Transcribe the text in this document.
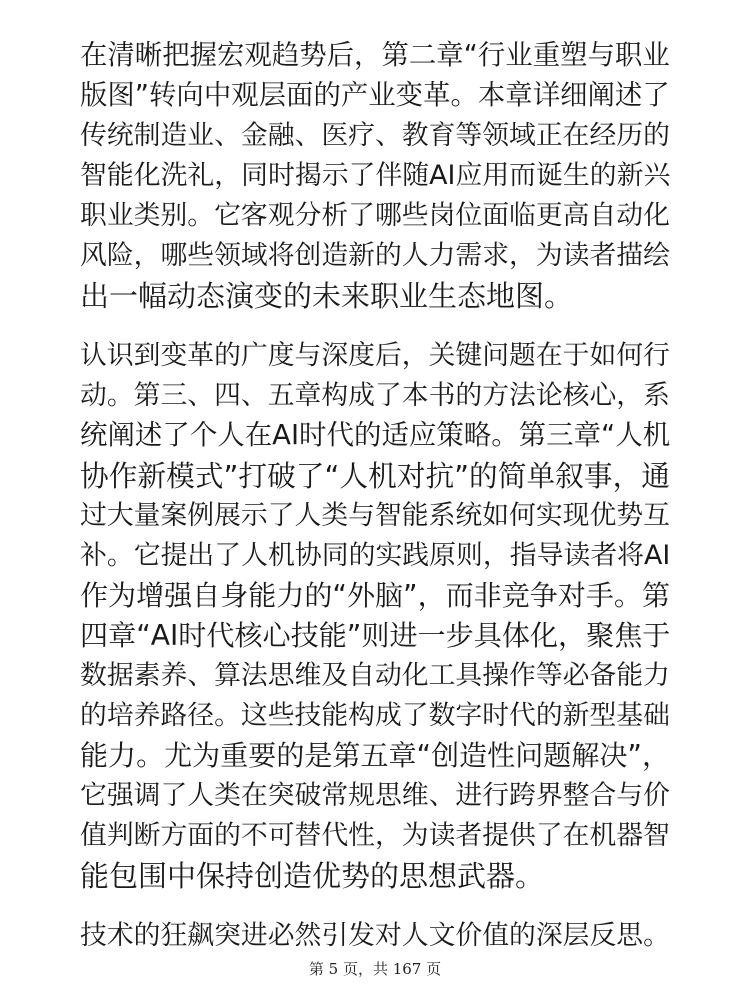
在清晰把握宏观趋势后，第二章“行业重塑与职业
版图”转向中观层面的产业变革。本章详细阐述了
传统制造业、金融、医疗、教育等领域正在经历的
智能化洗礼，同时揭示了伴随AI应用而诞生的新兴
职业类别。它客观分析了哪些岗位面临更高自动化
风险，哪些领域将创造新的人力需求，为读者描绘
出一幅动态演变的未来职业生态地图。

认识到变革的广度与深度后，关键问题在于如何行
动。第三、四、五章构成了本书的方法论核心，系
统阐述了个人在AI时代的适应策略。第三章“人机
协作新模式”打破了“人机对抗”的简单叙事，通
过大量案例展示了人类与智能系统如何实现优势互
补。它提出了人机协同的实践原则，指导读者将AI
作为增强自身能力的“外脑”，而非竞争对手。第
四章“AI时代核心技能”则进一步具体化，聚焦于
数据素养、算法思维及自动化工具操作等必备能力
的培养路径。这些技能构成了数字时代的新型基础
能力。尤为重要的是第五章“创造性问题解决”，
它强调了人类在突破常规思维、进行跨界整合与价
值判断方面的不可替代性，为读者提供了在机器智
能包围中保持创造优势的思想武器。

技术的狂飙突进必然引发对人文价值的深层反思。

第 5 页，共 167 页
